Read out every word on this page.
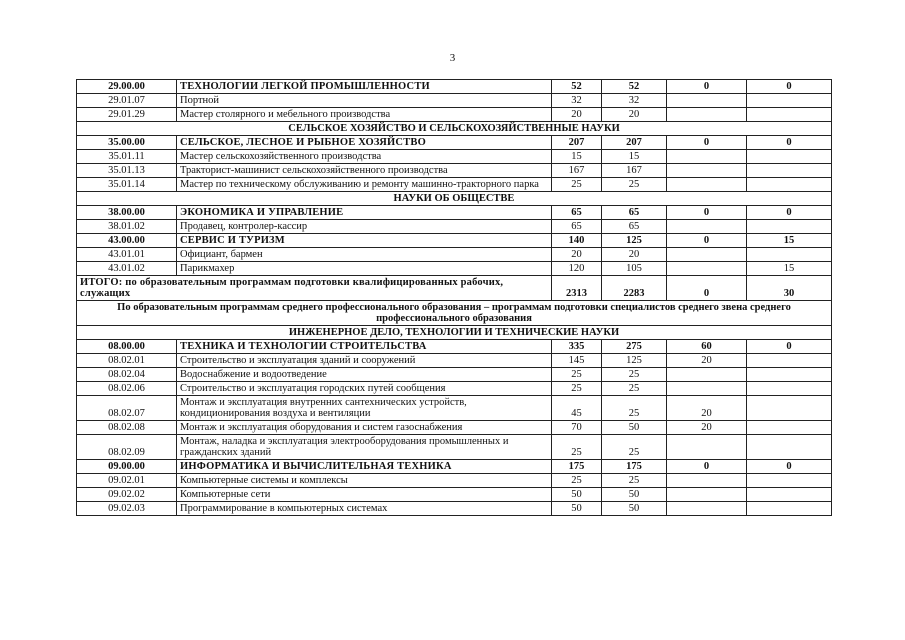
3
29.00.00	ТЕХНОЛОГИИ ЛЕГКОЙ ПРОМЫШЛЕННОСТИ	52	52	0	0
29.01.07	Портной	32	32		
29.01.29	Мастер столярного и мебельного производства	20	20		
СЕЛЬСКОЕ ХОЗЯЙСТВО И СЕЛЬСКОХОЗЯЙСТВЕННЫЕ НАУКИ					
35.00.00	СЕЛЬСКОЕ, ЛЕСНОЕ И РЫБНОЕ ХОЗЯЙСТВО	207	207	0	0
35.01.11	Мастер сельскохозяйственного производства	15	15		
35.01.13	Тракторист-машинист сельскохозяйственного производства	167	167		
35.01.14	Мастер по техническому обслуживанию и ремонту машинно-тракторного парка	25	25		
НАУКИ ОБ ОБЩЕСТВЕ					
38.00.00	ЭКОНОМИКА И УПРАВЛЕНИЕ	65	65	0	0
38.01.02	Продавец, контролер-кассир	65	65		
43.00.00	СЕРВИС И ТУРИЗМ	140	125	0	15
43.01.01	Официант, бармен	20	20		
43.01.02	Парикмахер	120	105		15
ИТОГО: по образовательным программам подготовки квалифицированных рабочих, служащих		2313	2283	0	30
По образовательным программам среднего профессионального образования – программам подготовки специалистов среднего звена среднего профессионального образования					
ИНЖЕНЕРНОЕ ДЕЛО, ТЕХНОЛОГИИ И ТЕХНИЧЕСКИЕ НАУКИ					
08.00.00	ТЕХНИКА И ТЕХНОЛОГИИ СТРОИТЕЛЬСТВА	335	275	60	0
08.02.01	Строительство и эксплуатация зданий и сооружений	145	125	20	
08.02.04	Водоснабжение и водоотведение	25	25		
08.02.06	Строительство и эксплуатация городских путей сообщения	25	25		
08.02.07	Монтаж и эксплуатация внутренних сантехнических устройств, кондиционирования воздуха и вентиляции	45	25	20	
08.02.08	Монтаж и эксплуатация оборудования и систем газоснабжения	70	50	20	
08.02.09	Монтаж, наладка и эксплуатация электрооборудования промышленных и гражданских зданий	25	25		
09.00.00	ИНФОРМАТИКА И ВЫЧИСЛИТЕЛЬНАЯ ТЕХНИКА	175	175	0	0
09.02.01	Компьютерные системы и комплексы	25	25		
09.02.02	Компьютерные сети	50	50		
09.02.03	Программирование в компьютерных системах	50	50		
